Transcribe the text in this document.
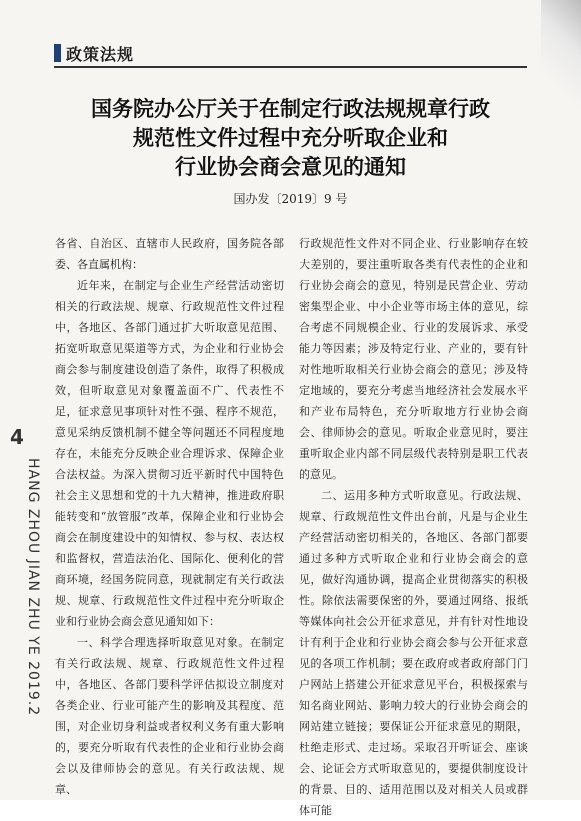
政策法规
国务院办公厅关于在制定行政法规规章行政
规范性文件过程中充分听取企业和
行业协会商会意见的通知
国办发〔2019〕9 号
4
HANG ZHOU JIAN ZHU YE 2019.2

各省、自治区、直辖市人民政府，国务院各部委、各直属机构：

近年来，在制定与企业生产经营活动密切相关的行政法规、规章、行政规范性文件过程中，各地区、各部门通过扩大听取意见范围、拓宽听取意见渠道等方式，为企业和行业协会商会参与制度建设创造了条件，取得了积极成效，但听取意见对象覆盖面不广、代表性不足，征求意见事项针对性不强、程序不规范，意见采纳反馈机制不健全等问题还不同程度地存在，未能充分反映企业合理诉求、保障企业合法权益。为深入贯彻习近平新时代中国特色社会主义思想和党的十九大精神，推进政府职能转变和“放管服”改革，保障企业和行业协会商会在制度建设中的知情权、参与权、表达权和监督权，营造法治化、国际化、便利化的营商环境，经国务院同意，现就制定有关行政法规、规章、行政规范性文件过程中充分听取企业和行业协会商会意见通知如下：

一、科学合理选择听取意见对象。在制定有关行政法规、规章、行政规范性文件过程中，各地区、各部门要科学评估拟设立制度对各类企业、行业可能产生的影响及其程度、范围，对企业切身利益或者权利义务有重大影响的，要充分听取有代表性的企业和行业协会商会以及律师协会的意见。有关行政法规、规章、

行政规范性文件对不同企业、行业影响存在较大差别的，要注重听取各类有代表性的企业和行业协会商会的意见，特别是民营企业、劳动密集型企业、中小企业等市场主体的意见，综合考虑不同规模企业、行业的发展诉求、承受能力等因素；涉及特定行业、产业的，要有针对性地听取相关行业协会商会的意见；涉及特定地域的，要充分考虑当地经济社会发展水平和产业布局特色，充分听取地方行业协会商会、律师协会的意见。听取企业意见时，要注重听取企业内部不同层级代表特别是职工代表的意见。

二、运用多种方式听取意见。行政法规、规章、行政规范性文件出台前，凡是与企业生产经营活动密切相关的，各地区、各部门都要通过多种方式听取企业和行业协会商会的意见，做好沟通协调，提高企业贯彻落实的积极性。除依法需要保密的外，要通过网络、报纸等媒体向社会公开征求意见，并有针对性地设计有利于企业和行业协会商会参与公开征求意见的各项工作机制；要在政府或者政府部门门户网站上搭建公开征求意见平台，积极探索与知名商业网站、影响力较大的行业协会商会的网站建立链接；要保证公开征求意见的期限，杜绝走形式、走过场。采取召开听证会、座谈会、论证会方式听取意见的，要提供制度设计的背景、目的、适用范围以及对相关人员或群体可能
